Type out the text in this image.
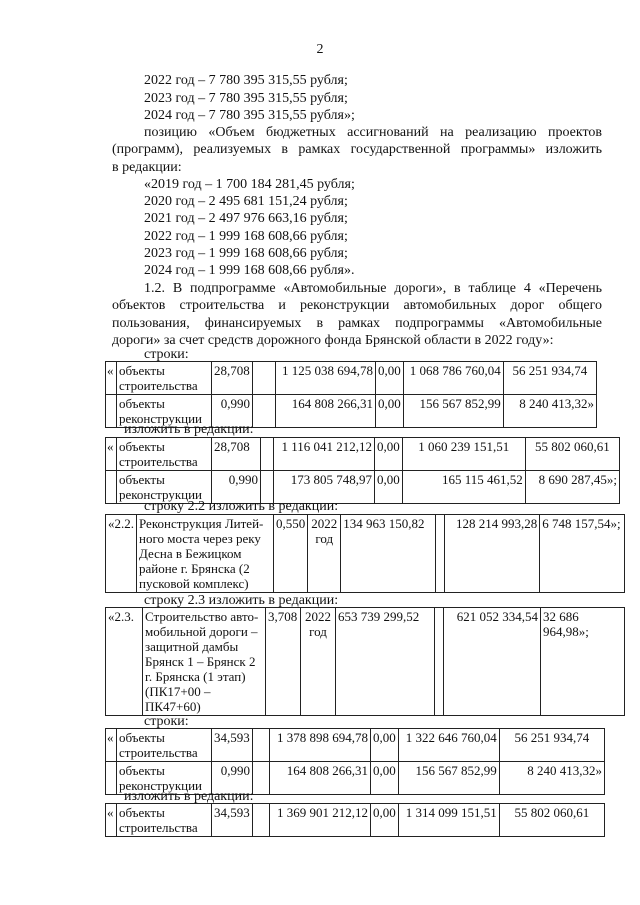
2
2022 год – 7 780 395 315,55 рубля;
2023 год – 7 780 395 315,55 рубля;
2024 год – 7 780 395 315,55 рубля»;
позицию «Объем бюджетных ассигнований на реализацию проектов
(программ), реализуемых в рамках государственной программы» изложить
в редакции:
«2019 год – 1 700 184 281,45 рубля;
2020 год – 2 495 681 151,24 рубля;
2021 год – 2 497 976 663,16 рубля;
2022 год – 1 999 168 608,66 рубля;
2023 год – 1 999 168 608,66 рубля;
2024 год – 1 999 168 608,66 рубля».
1.2. В подпрограмме «Автомобильные дороги», в таблице 4 «Перечень
объектов строительства и реконструкции автомобильных дорог общего
пользования, финансируемых в рамках подпрограммы «Автомобильные
дороги» за счет средств дорожного фонда Брянской области в 2022 году»:
строки:
«	объекты строительства	28,708		1 125 038 694,78	0,00	1 068 786 760,04	56 251 934,74
	объекты реконструкции	0,990		164 808 266,31	0,00	156 567 852,99	8 240 413,32»
изложить в редакции:
«	объекты строительства	28,708		1 116 041 212,12	0,00	1 060 239 151,51	55 802 060,61
	объекты реконструкции	0,990		173 805 748,97	0,00	165 115 461,52	8 690 287,45»;
строку 2.2 изложить в редакции:
«2.2.	Реконструкция Литей-ного моста через реку Десна в Бежицком районе г. Брянска (2 пусковой комплекс)	0,550	2022 год	134 963 150,82		128 214 993,28	6 748 157,54»;
строку 2.3 изложить в редакции:
«2.3.	Строительство авто-мобильной дороги – защитной дамбы Брянск 1 – Брянск 2 г. Брянска (1 этап) (ПК17+00 – ПК47+60)	3,708	2022 год	653 739 299,52		621 052 334,54	32 686 964,98»;
строки:
«	объекты строительства	34,593		1 378 898 694,78	0,00	1 322 646 760,04	56 251 934,74
	объекты реконструкции	0,990		164 808 266,31	0,00	156 567 852,99	8 240 413,32»
изложить в редакции:
«	объекты строительства	34,593		1 369 901 212,12	0,00	1 314 099 151,51	55 802 060,61
